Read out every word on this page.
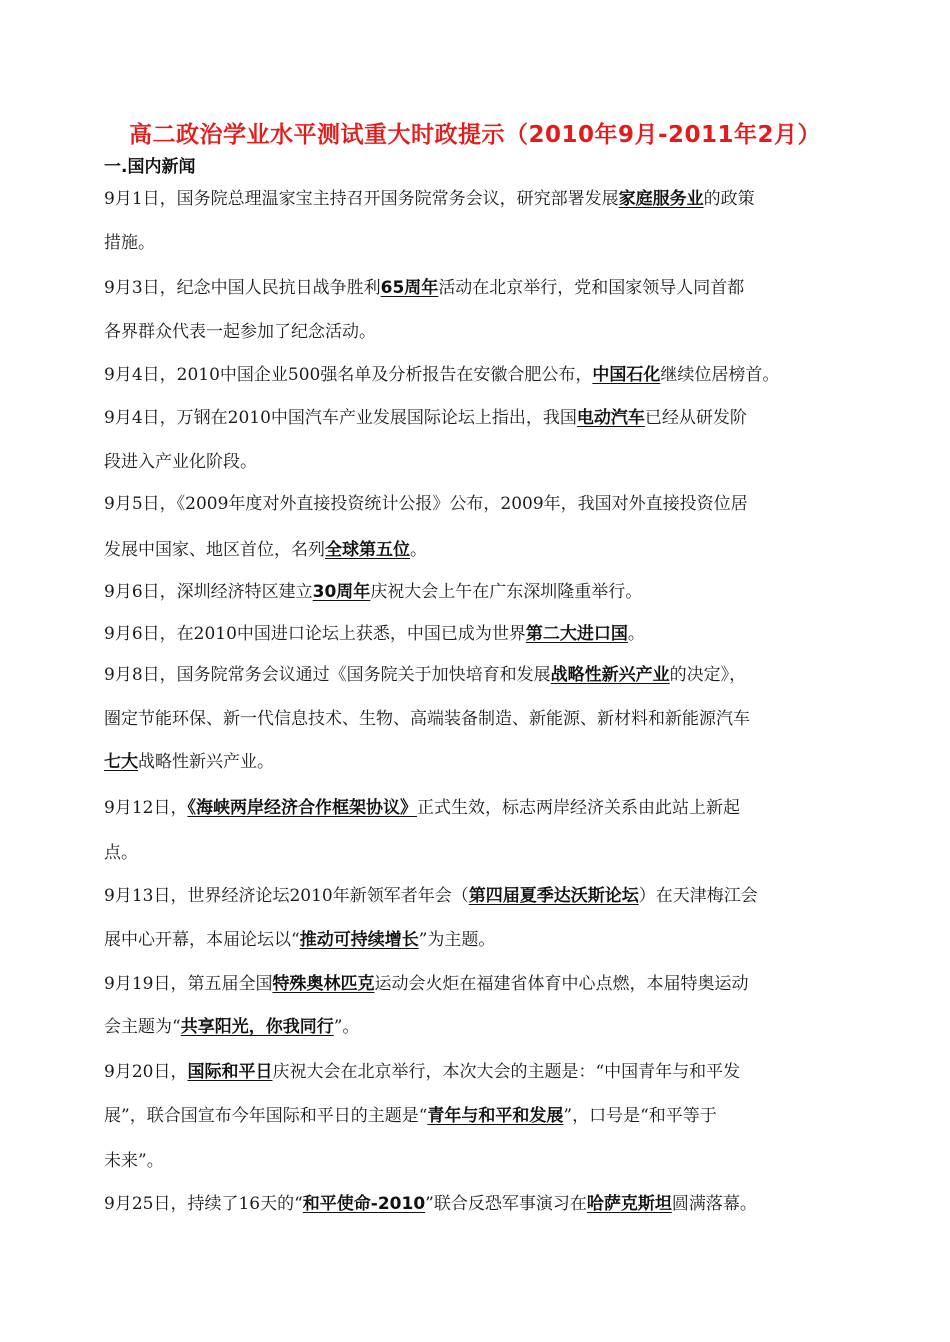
高二政治学业水平测试重大时政提示（2010年9月-2011年2月）
一.国内新闻
9月1日，国务院总理温家宝主持召开国务院常务会议，研究部署发展家庭服务业的政策
措施。
9月3日，纪念中国人民抗日战争胜利65周年活动在北京举行，党和国家领导人同首都
各界群众代表一起参加了纪念活动。
9月4日，2010中国企业500强名单及分析报告在安徽合肥公布，中国石化继续位居榜首。
9月4日，万钢在2010中国汽车产业发展国际论坛上指出，我国电动汽车已经从研发阶
段进入产业化阶段。
9月5日，《2009年度对外直接投资统计公报》公布，2009年，我国对外直接投资位居
发展中国家、地区首位，名列全球第五位。
9月6日，深圳经济特区建立30周年庆祝大会上午在广东深圳隆重举行。
9月6日，在2010中国进口论坛上获悉，中国已成为世界第二大进口国。
9月8日，国务院常务会议通过《国务院关于加快培育和发展战略性新兴产业的决定》，
圈定节能环保、新一代信息技术、生物、高端装备制造、新能源、新材料和新能源汽车
七大战略性新兴产业。
9月12日，《海峡两岸经济合作框架协议》正式生效，标志两岸经济关系由此站上新起
点。
9月13日，世界经济论坛2010年新领军者年会（第四届夏季达沃斯论坛）在天津梅江会
展中心开幕，本届论坛以“推动可持续增长”为主题。
9月19日，第五届全国特殊奥林匹克运动会火炬在福建省体育中心点燃，本届特奥运动
会主题为“共享阳光，你我同行”。
9月20日，国际和平日庆祝大会在北京举行，本次大会的主题是：“中国青年与和平发
展”，联合国宣布今年国际和平日的主题是“青年与和平和发展”，口号是“和平等于
未来”。
9月25日，持续了16天的“和平使命-2010”联合反恐军事演习在哈萨克斯坦圆满落幕。
